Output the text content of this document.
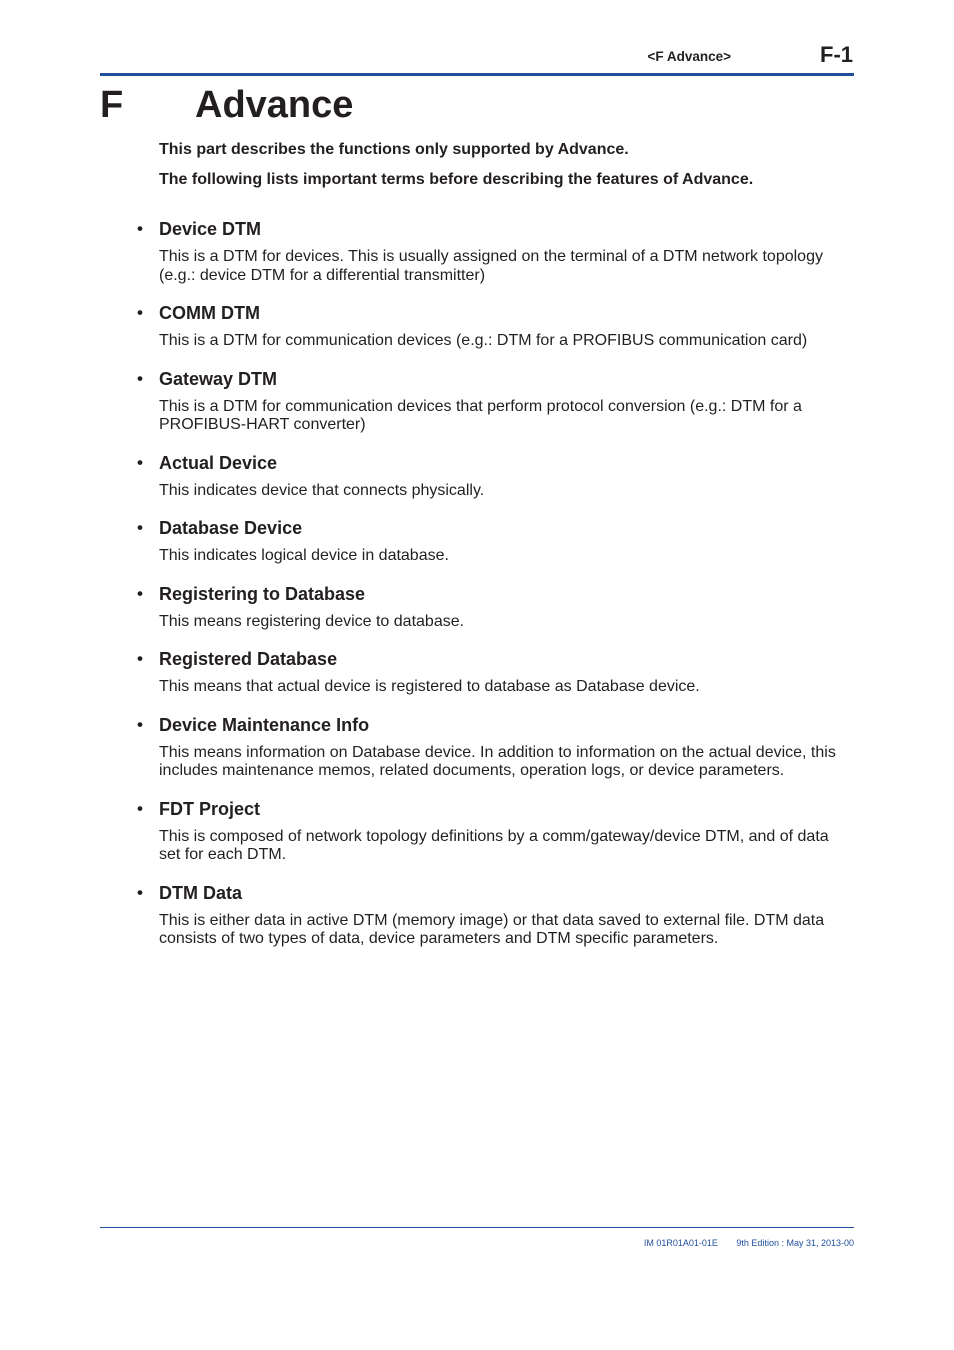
<F Advance>	F-1
F Advance
This part describes the functions only supported by Advance.
The following lists important terms before describing the features of Advance.
• Device DTM
This is a DTM for devices. This is usually assigned on the terminal of a DTM network topology (e.g.: device DTM for a differential transmitter)
• COMM DTM
This is a DTM for communication devices (e.g.: DTM for a PROFIBUS communication card)
• Gateway DTM
This is a DTM for communication devices that perform protocol conversion (e.g.: DTM for a PROFIBUS-HART converter)
• Actual Device
This indicates device that connects physically.
• Database Device
This indicates logical device in database.
• Registering to Database
This means registering device to database.
• Registered Database
This means that actual device is registered to database as Database device.
• Device Maintenance Info
This means information on Database device. In addition to information on the actual device, this includes maintenance memos, related documents, operation logs, or device parameters.
• FDT Project
This is composed of network topology definitions by a comm/gateway/device DTM, and of data set for each DTM.
• DTM Data
This is either data in active DTM (memory image) or that data saved to external file. DTM data consists of two types of data, device parameters and DTM specific parameters.
IM 01R01A01-01E 9th Edition : May 31, 2013-00
